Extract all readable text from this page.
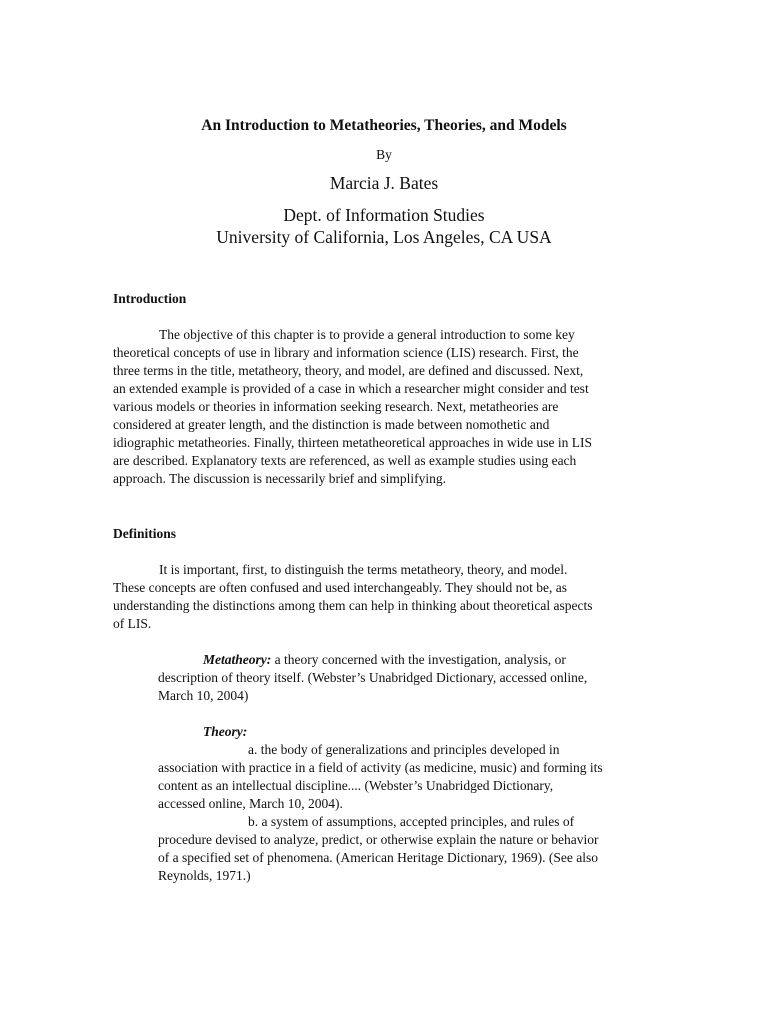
An Introduction to Metatheories, Theories, and Models
By
Marcia J. Bates
Dept. of Information Studies
University of California, Los Angeles, CA USA
Introduction
The objective of this chapter is to provide a general introduction to some key
theoretical concepts of use in library and information science (LIS) research. First, the
three terms in the title, metatheory, theory, and model, are defined and discussed. Next,
an extended example is provided of a case in which a researcher might consider and test
various models or theories in information seeking research. Next, metatheories are
considered at greater length, and the distinction is made between nomothetic and
idiographic metatheories. Finally, thirteen metatheoretical approaches in wide use in LIS
are described. Explanatory texts are referenced, as well as example studies using each
approach. The discussion is necessarily brief and simplifying.
Definitions
It is important, first, to distinguish the terms metatheory, theory, and model.
These concepts are often confused and used interchangeably. They should not be, as
understanding the distinctions among them can help in thinking about theoretical aspects
of LIS.
Metatheory: a theory concerned with the investigation, analysis, or
description of theory itself. (Webster’s Unabridged Dictionary, accessed online,
March 10, 2004)
Theory:
a. the body of generalizations and principles developed in
association with practice in a field of activity (as medicine, music) and forming its
content as an intellectual discipline.... (Webster’s Unabridged Dictionary,
accessed online, March 10, 2004).
b. a system of assumptions, accepted principles, and rules of
procedure devised to analyze, predict, or otherwise explain the nature or behavior
of a specified set of phenomena. (American Heritage Dictionary, 1969). (See also
Reynolds, 1971.)
